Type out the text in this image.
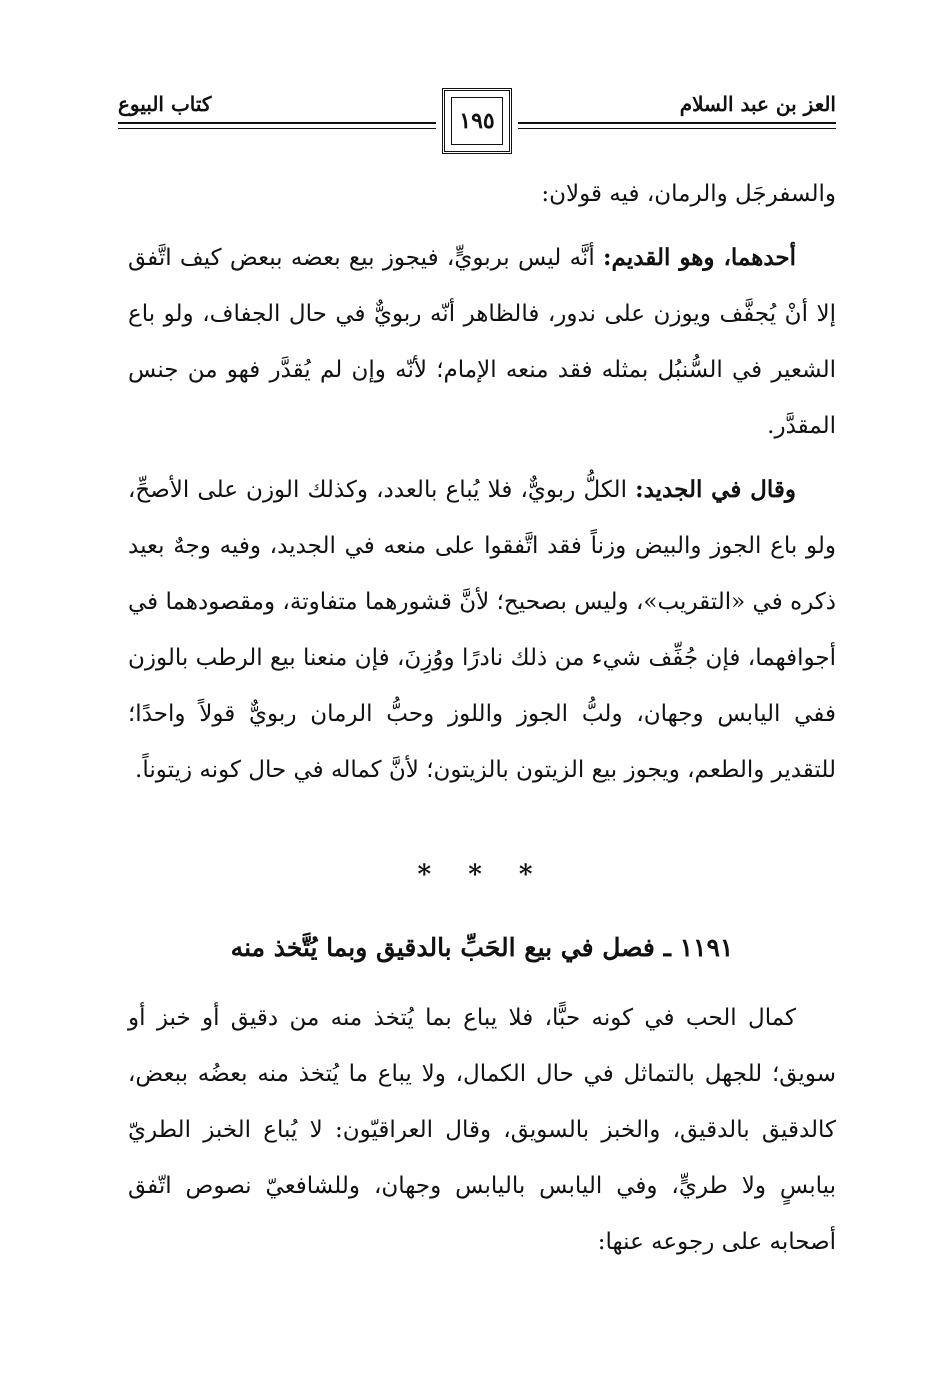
العز بن عبد السلام
كتاب البيوع
١٩٥

والسفرجَل والرمان، فيه قولان:

أحدهما، وهو القديم: أنَّه ليس بربويٍّ، فيجوز بيع بعضه ببعض كيف اتَّفق إلا أنْ يُجفَّف ويوزن على ندور، فالظاهر أنّه ربويٌّ في حال الجفاف، ولو باع الشعير في السُّنبُل بمثله فقد منعه الإمام؛ لأنّه وإن لم يُقدَّر فهو من جنس المقدَّر.

وقال في الجديد: الكلُّ ربويٌّ، فلا يُباع بالعدد، وكذلك الوزن على الأصحِّ، ولو باع الجوز والبيض وزناً فقد اتَّفقوا على منعه في الجديد، وفيه وجهٌ بعيد ذكره في «التقريب»، وليس بصحيح؛ لأنَّ قشورهما متفاوتة، ومقصودهما في أجوافهما، فإن جُفِّف شيء من ذلك نادرًا ووُزِنَ، فإن منعنا بيع الرطب بالوزن ففي اليابس وجهان، ولبُّ الجوز واللوز وحبُّ الرمان ربويٌّ قولاً واحدًا؛ للتقدير والطعم، ويجوز بيع الزيتون بالزيتون؛ لأنَّ كماله في حال كونه زيتوناً.

* * *
١١٩١ ـ فصل في بيع الحَبِّ بالدقيق وبما يُتَّخذ منه

كمال الحب في كونه حبًّا، فلا يباع بما يُتخذ منه من دقيق أو خبز أو سويق؛ للجهل بالتماثل في حال الكمال، ولا يباع ما يُتخذ منه بعضُه ببعض، كالدقيق بالدقيق، والخبز بالسويق، وقال العراقيّون: لا يُباع الخبز الطريّ بيابسٍ ولا طريٍّ، وفي اليابس باليابس وجهان، وللشافعيّ نصوص اتّفق أصحابه على رجوعه عنها:
